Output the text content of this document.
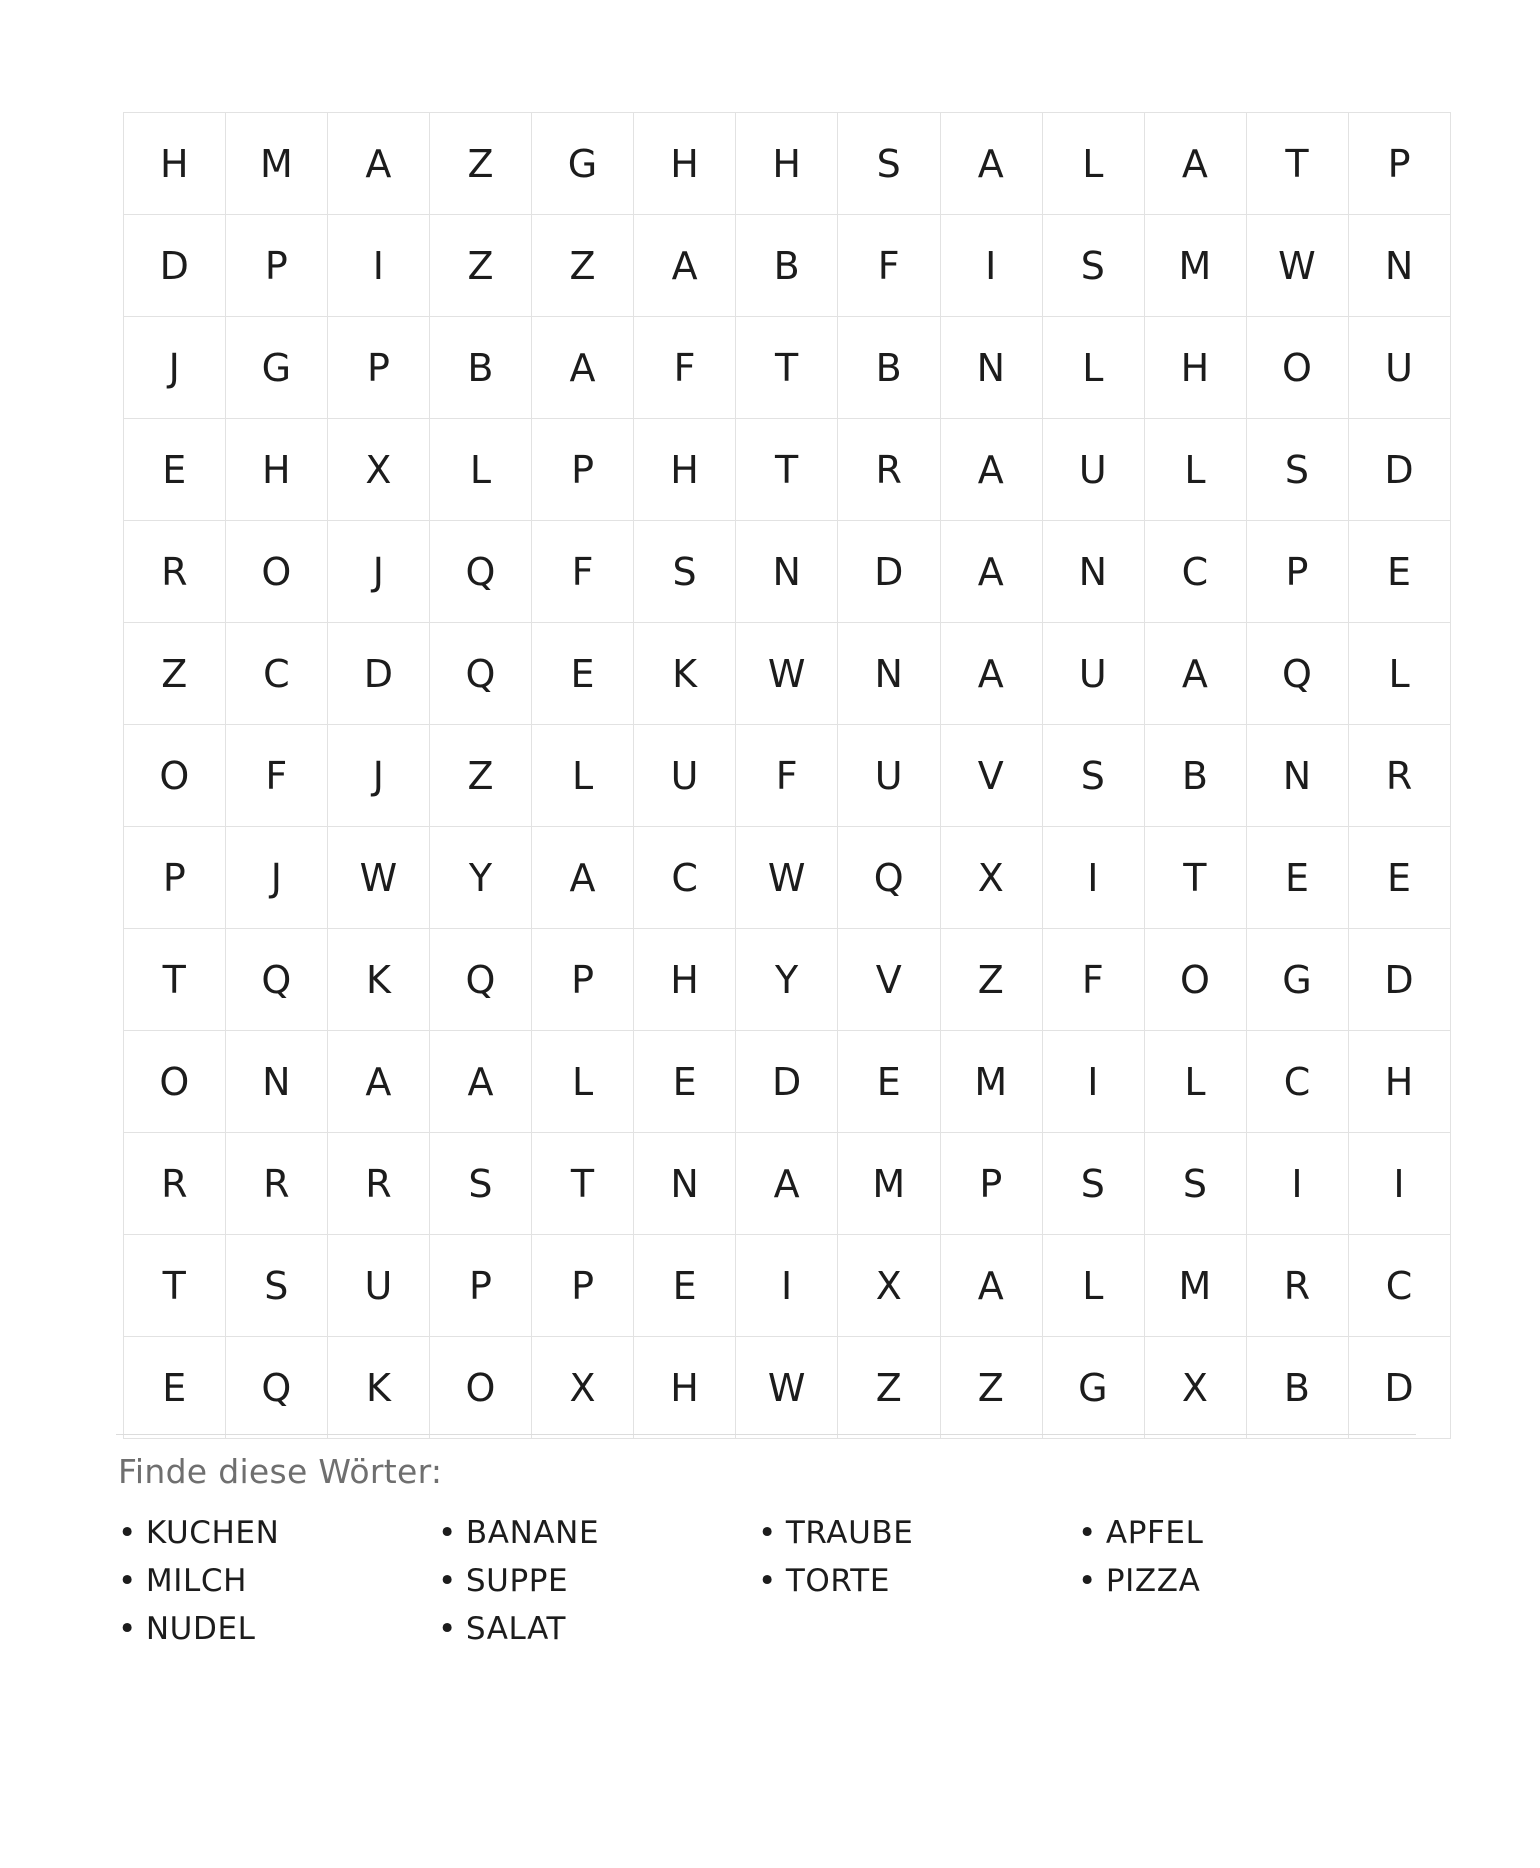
H	M	A	Z	G	H	H	S	A	L	A	T	P
D	P	I	Z	Z	A	B	F	I	S	M	W	N
J	G	P	B	A	F	T	B	N	L	H	O	U
E	H	X	L	P	H	T	R	A	U	L	S	D
R	O	J	Q	F	S	N	D	A	N	C	P	E
Z	C	D	Q	E	K	W	N	A	U	A	Q	L
O	F	J	Z	L	U	F	U	V	S	B	N	R
P	J	W	Y	A	C	W	Q	X	I	T	E	E
T	Q	K	Q	P	H	Y	V	Z	F	O	G	D
O	N	A	A	L	E	D	E	M	I	L	C	H
R	R	R	S	T	N	A	M	P	S	S	I	I
T	S	U	P	P	E	I	X	A	L	M	R	C
E	Q	K	O	X	H	W	Z	Z	G	X	B	D
Finde diese Wörter:
• KUCHEN
• MILCH
• NUDEL
• BANANE
• SUPPE
• SALAT
• TRAUBE
• TORTE
• APFEL
• PIZZA
